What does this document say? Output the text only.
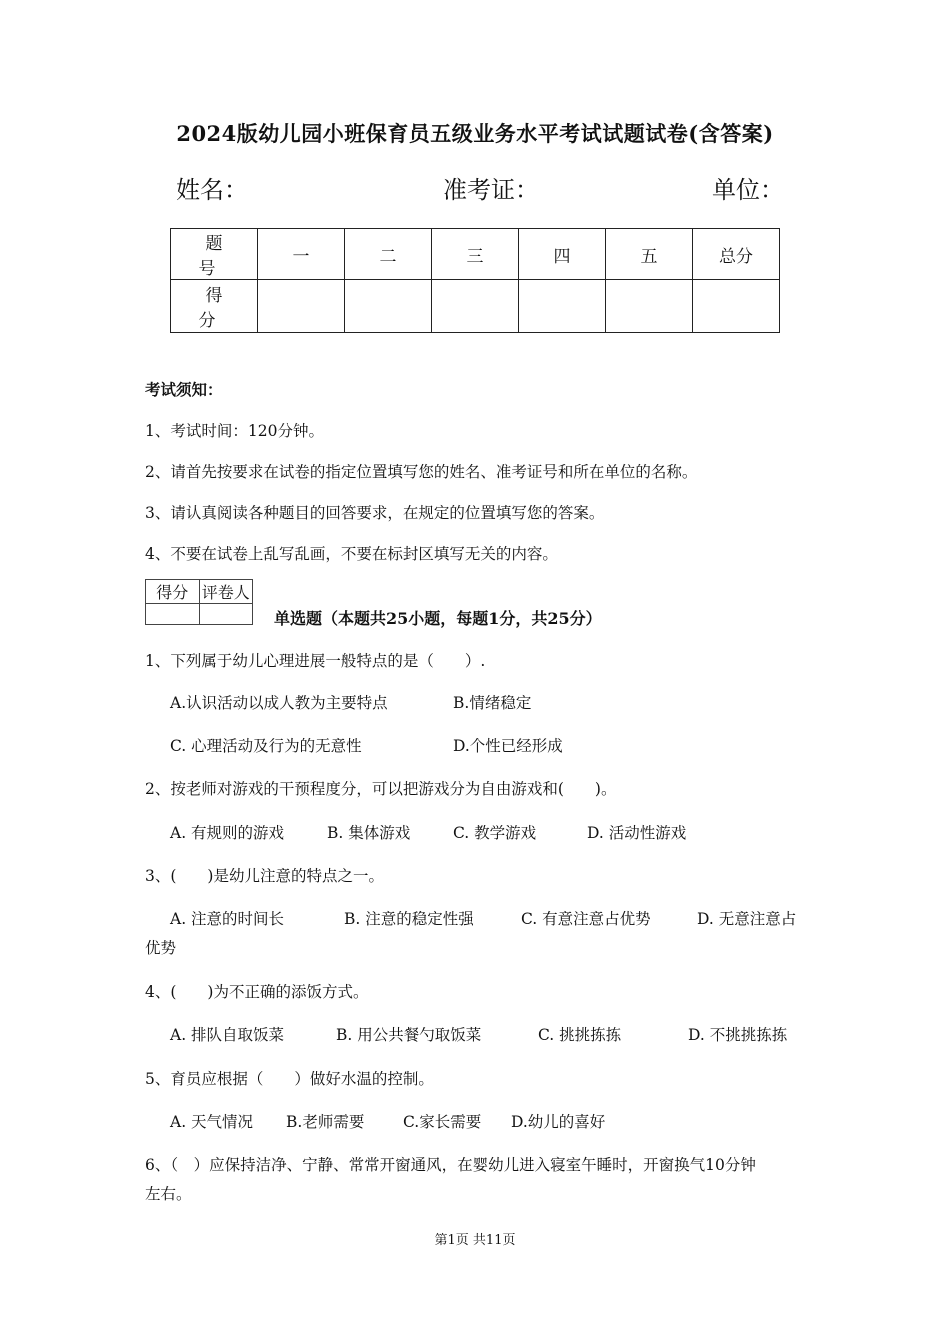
2024版幼儿园小班保育员五级业务水平考试试题试卷(含答案)
姓名：	准考证：	单位：
题 号	一	二	三	四	五	总分
得 分						
考试须知：
1、考试时间：120分钟。
2、请首先按要求在试卷的指定位置填写您的姓名、准考证号和所在单位的名称。
3、请认真阅读各种题目的回答要求，在规定的位置填写您的答案。
4、不要在试卷上乱写乱画，不要在标封区填写无关的内容。
得分	评卷人

单选题（本题共25小题，每题1分，共25分）
1、下列属于幼儿心理进展一般特点的是（　　）.
A.认识活动以成人教为主要特点	B.情绪稳定
C. 心理活动及行为的无意性	D.个性已经形成
2、按老师对游戏的干预程度分，可以把游戏分为自由游戏和(　　)。
A. 有规则的游戏	B. 集体游戏	C. 教学游戏	D. 活动性游戏
3、(　　)是幼儿注意的特点之一。
A. 注意的时间长	B. 注意的稳定性强	C. 有意注意占优势	D. 无意注意占
优势
4、(　　)为不正确的添饭方式。
A. 排队自取饭菜	B. 用公共餐勺取饭菜	C. 挑挑拣拣	D. 不挑挑拣拣
5、育员应根据（　　）做好水温的控制。
A. 天气情况 B.老师需要 C.家长需要 D.幼儿的喜好
6、（　）应保持洁净、宁静、常常开窗通风，在婴幼儿进入寝室午睡时，开窗换气10分钟
左右。
第1页 共11页
